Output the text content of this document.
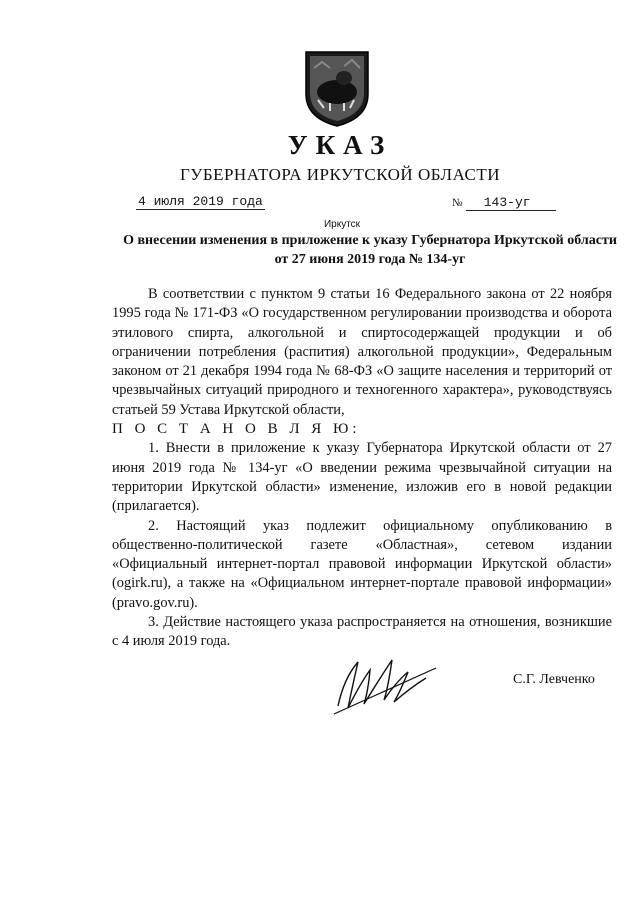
УКАЗ
ГУБЕРНАТОРА ИРКУТСКОЙ ОБЛАСТИ
4 июля 2019 года	№ 143-уг
Иркутск
О внесении изменения в приложение к указу Губернатора Иркутской области от 27 июня 2019 года № 134-уг

В соответствии с пунктом 9 статьи 16 Федерального закона от 22 ноября 1995 года № 171-ФЗ «О государственном регулировании производства и оборота этилового спирта, алкогольной и спиртосодержащей продукции и об ограничении потребления (распития) алкогольной продукции», Федеральным законом от 21 декабря 1994 года № 68-ФЗ «О защите населения и территорий от чрезвычайных ситуаций природного и техногенного характера», руководствуясь статьей 59 Устава Иркутской области,

П О С Т А Н О В Л Я Ю:

1. Внести в приложение к указу Губернатора Иркутской области от 27 июня 2019 года № 134-уг «О введении режима чрезвычайной ситуации на территории Иркутской области» изменение, изложив его в новой редакции (прилагается).

2. Настоящий указ подлежит официальному опубликованию в общественно-политической газете «Областная», сетевом издании «Официальный интернет-портал правовой информации Иркутской области» (ogirk.ru), а также на «Официальном интернет-портале правовой информации» (pravo.gov.ru).

3. Действие настоящего указа распространяется на отношения, возникшие с 4 июля 2019 года.

С.Г. Левченко
